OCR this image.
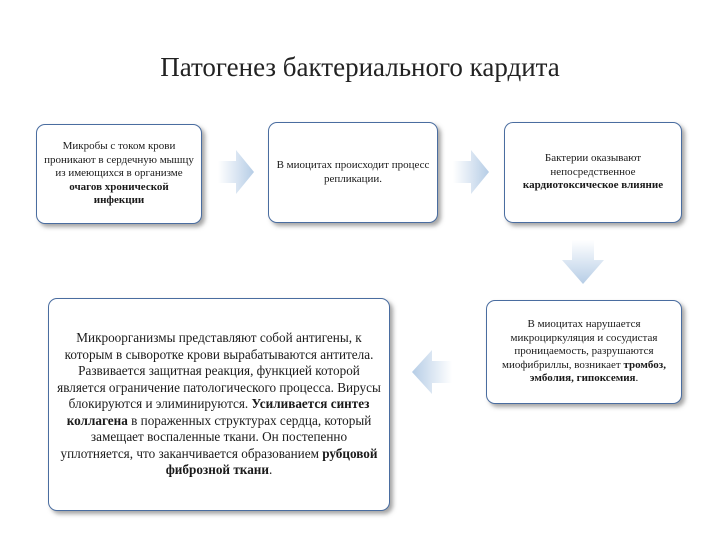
Патогенез бактериального кардита

Микробы с током крови проникают в сердечную мышцу из имеющихся в организме очагов хронической инфекции

В миоцитах происходит процесс репликации.

Бактерии оказывают непосредственное кардиотоксическое влияние

В миоцитах нарушается микроциркуляция и сосудистая проницаемость, разрушаются миофибриллы, возникает тромбоз, эмболия, гипоксемия.

Микроорганизмы представляют собой антигены, к которым в сыворотке крови вырабатываются антитела. Развивается защитная реакция, функцией которой является ограничение патологического процесса. Вирусы блокируются и элиминируются. Усиливается синтез коллагена в пораженных структурах сердца, который замещает воспаленные ткани. Он постепенно уплотняется, что заканчивается образованием рубцовой фиброзной ткани.
